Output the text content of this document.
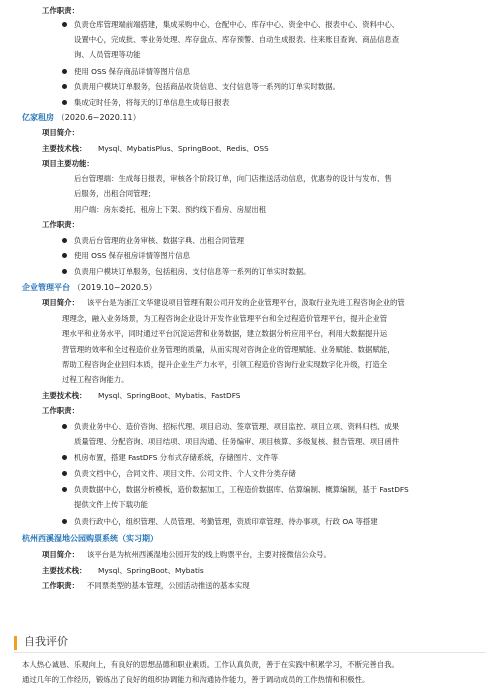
工作职责：
负责仓库管理端前端搭建，集成采购中心、仓配中心、库存中心、资金中心、报表中心、资料中心、
设置中心，完成批、零业务处理、库存盘点、库存预警、自动生成报表、往来账目查询、商品信息查
询、人员管理等功能
使用 OSS 保存商品详情等图片信息
负责用户模块订单服务，包括商品收货信息、支付信息等一系列的订单实时数据。
集成定时任务，将每天的订单信息生成每日报表
亿家租房 （2020.6~2020.11）
项目简介：
主要技术栈： Mysql、MybatisPlus、SpringBoot、Redis、OSS
项目主要功能：
后台管理端：生成每日报表，审核各个阶段订单，向门店推送活动信息，优惠券的设计与发布、售
后服务，出租合同管理；
用户端：房东委托、租房上下架、预约线下看房、房屋出租
工作职责：
负责后台管理的业务审核、数据字典、出租合同管理
使用 OSS 保存租房详情等图片信息
负责用户模块订单服务，包括租房、支付信息等一系列的订单实时数据。
企业管理平台 （2019.10~2020.5）
项目简介： 该平台是为浙江文华建设项目管理有限公司开发的企业管理平台，汲取行业先进工程咨询企业的管
理理念，融入业务场景，为工程咨询企业设计开发作业管理平台和全过程造价管理平台，提升企业管
理水平和业务水平，同时通过平台沉淀运营和业务数据，建立数据分析应用平台，利用大数据提升运
营管理的效率和全过程造价业务管理的质量，从而实现对咨询企业的管理赋能、业务赋能、数据赋能，
帮助工程咨询企业回归本质，提升企业生产力水平，引领工程造价咨询行业实现数字化升级，打造全
过程工程咨询能力。
主要技术栈： Mysql、SpringBoot、Mybatis、FastDFS
工作职责：
负责业务中心、造价咨询、招标代理、项目启动、签章管理、项目监控、项目立项、资料归档、成果
质量管理、分配咨询、项目结项、项目沟通、任务编审、项目核算、多级复核、报告管理、项目函件
机房布置，搭建 FastDFS 分布式存储系统，存储图片、文件等
负责文档中心，合同文件、项目文件、公司文件、个人文件分类存储
负责数据中心，数据分析模板，造价数据加工，工程造价数据库、估算编制、概算编制，基于 FastDFS
提供文件上传下载功能
负责行政中心，组织管理、人员管理、考勤管理，资质印章管理、待办事项，行政 OA 等搭建
杭州西溪湿地公园购票系统（实习期）
项目简介： 该平台是为杭州西溪湿地公园开发的线上购票平台，主要对接微信公众号。
主要技术栈： Mysql、SpringBoot、Mybatis
工作职责： 不同票类型的基本管理，公园活动推送的基本实现
自我评价
本人热心诚恳、乐观向上，有良好的思想品德和职业素质。工作认真负责，善于在实践中积累学习，不断完善自我。
通过几年的工作经历，锻炼出了良好的组织协调能力和沟通协作能力，善于调动成员的工作热情和积极性。
